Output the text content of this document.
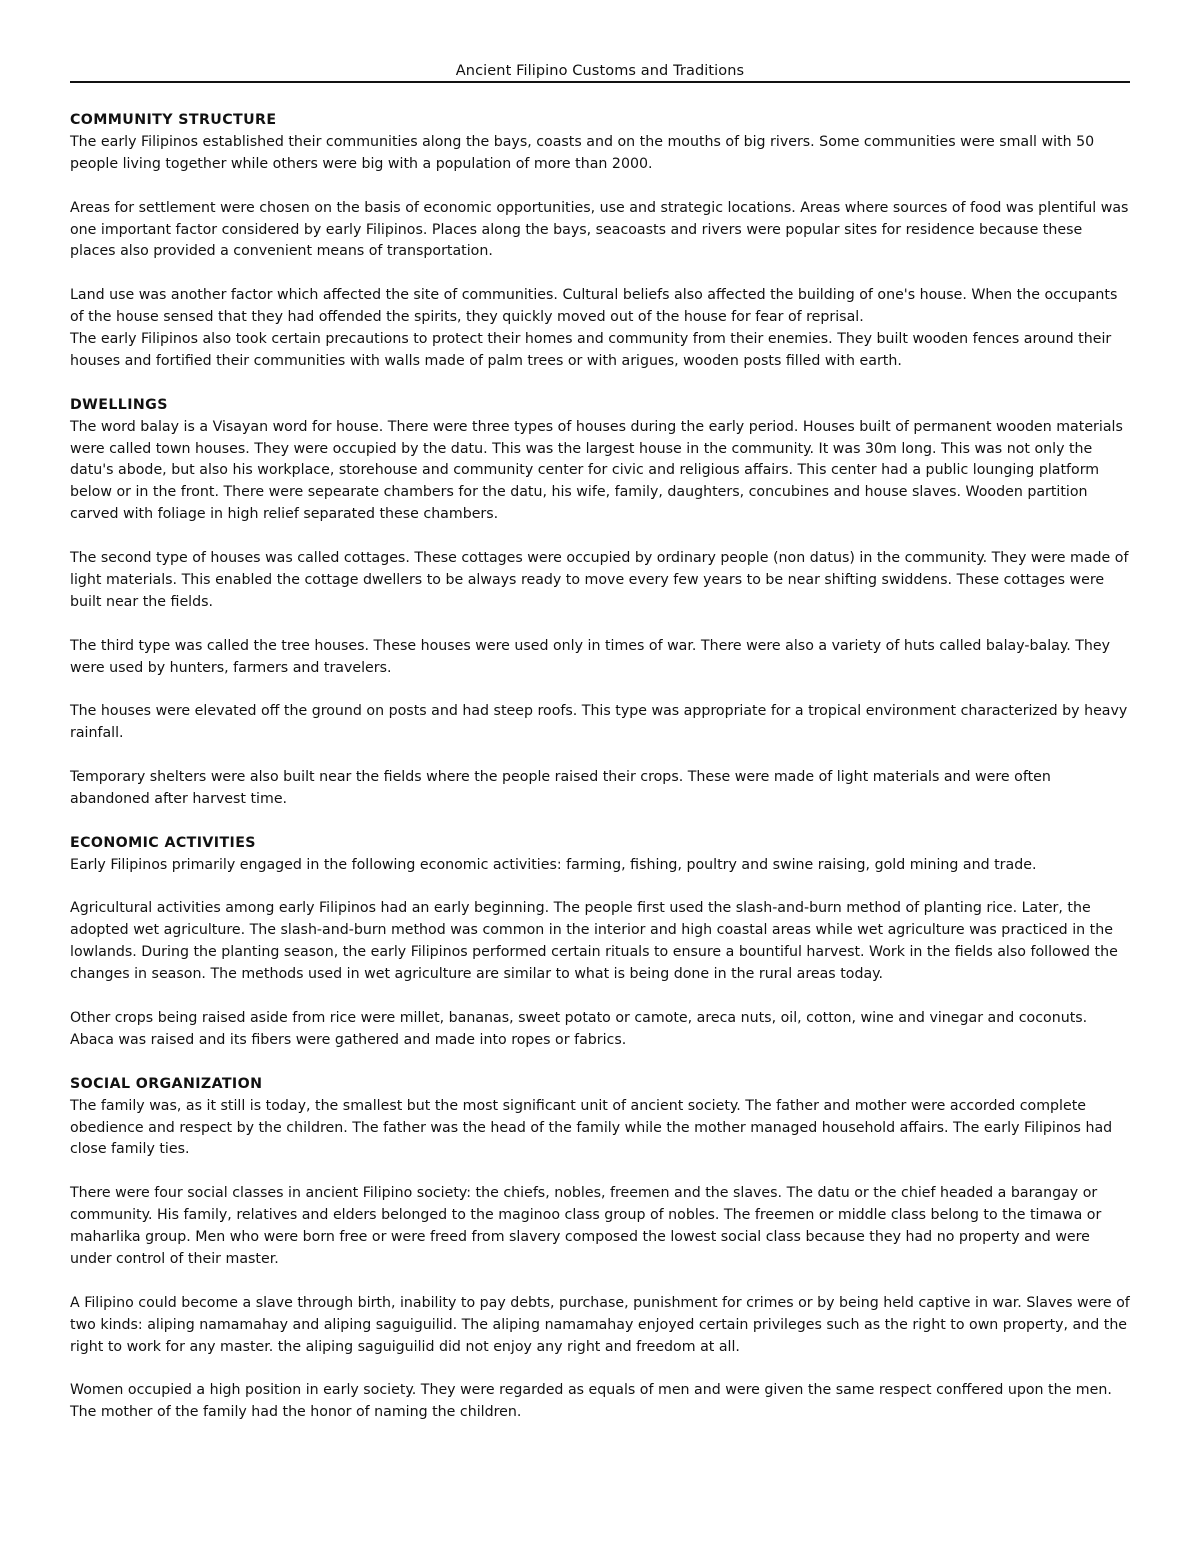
Ancient Filipino Customs and Traditions
COMMUNITY STRUCTURE

The early Filipinos established their communities along the bays, coasts and on the mouths of big rivers. Some communities were small with 50 people living together while others were big with a population of more than 2000.

Areas for settlement were chosen on the basis of economic opportunities, use and strategic locations. Areas where sources of food was plentiful was one important factor considered by early Filipinos. Places along the bays, seacoasts and rivers were popular sites for residence because these places also provided a convenient means of transportation.

Land use was another factor which affected the site of communities. Cultural beliefs also affected the building of one's house. When the occupants of the house sensed that they had offended the spirits, they quickly moved out of the house for fear of reprisal.
The early Filipinos also took certain precautions to protect their homes and community from their enemies. They built wooden fences around their houses and fortified their communities with walls made of palm trees or with arigues, wooden posts filled with earth.

DWELLINGS

The word balay is a Visayan word for house. There were three types of houses during the early period. Houses built of permanent wooden materials were called town houses. They were occupied by the datu. This was the largest house in the community. It was 30m long. This was not only the datu's abode, but also his workplace, storehouse and community center for civic and religious affairs. This center had a public lounging platform below or in the front. There were sepearate chambers for the datu, his wife, family, daughters, concubines and house slaves. Wooden partition carved with foliage in high relief separated these chambers.

The second type of houses was called cottages. These cottages were occupied by ordinary people (non datus) in the community. They were made of light materials. This enabled the cottage dwellers to be always ready to move every few years to be near shifting swiddens. These cottages were built near the fields.

The third type was called the tree houses. These houses were used only in times of war. There were also a variety of huts called balay-balay. They were used by hunters, farmers and travelers.

The houses were elevated off the ground on posts and had steep roofs. This type was appropriate for a tropical environment characterized by heavy rainfall.

Temporary shelters were also built near the fields where the people raised their crops. These were made of light materials and were often abandoned after harvest time.

ECONOMIC ACTIVITIES

Early Filipinos primarily engaged in the following economic activities: farming, fishing, poultry and swine raising, gold mining and trade.

Agricultural activities among early Filipinos had an early beginning. The people first used the slash-and-burn method of planting rice. Later, the adopted wet agriculture. The slash-and-burn method was common in the interior and high coastal areas while wet agriculture was practiced in the lowlands. During the planting season, the early Filipinos performed certain rituals to ensure a bountiful harvest. Work in the fields also followed the changes in season. The methods used in wet agriculture are similar to what is being done in the rural areas today.

Other crops being raised aside from rice were millet, bananas, sweet potato or camote, areca nuts, oil, cotton, wine and vinegar and coconuts. Abaca was raised and its fibers were gathered and made into ropes or fabrics.

SOCIAL ORGANIZATION

The family was, as it still is today, the smallest but the most significant unit of ancient society. The father and mother were accorded complete obedience and respect by the children. The father was the head of the family while the mother managed household affairs. The early Filipinos had close family ties.

There were four social classes in ancient Filipino society: the chiefs, nobles, freemen and the slaves. The datu or the chief headed a barangay or community. His family, relatives and elders belonged to the maginoo class group of nobles. The freemen or middle class belong to the timawa or maharlika group. Men who were born free or were freed from slavery composed the lowest social class because they had no property and were under control of their master.

A Filipino could become a slave through birth, inability to pay debts, purchase, punishment for crimes or by being held captive in war. Slaves were of two kinds: aliping namamahay and aliping saguiguilid. The aliping namamahay enjoyed certain privileges such as the right to own property, and the right to work for any master. the aliping saguiguilid did not enjoy any right and freedom at all.

Women occupied a high position in early society. They were regarded as equals of men and were given the same respect conffered upon the men. The mother of the family had the honor of naming the children.
